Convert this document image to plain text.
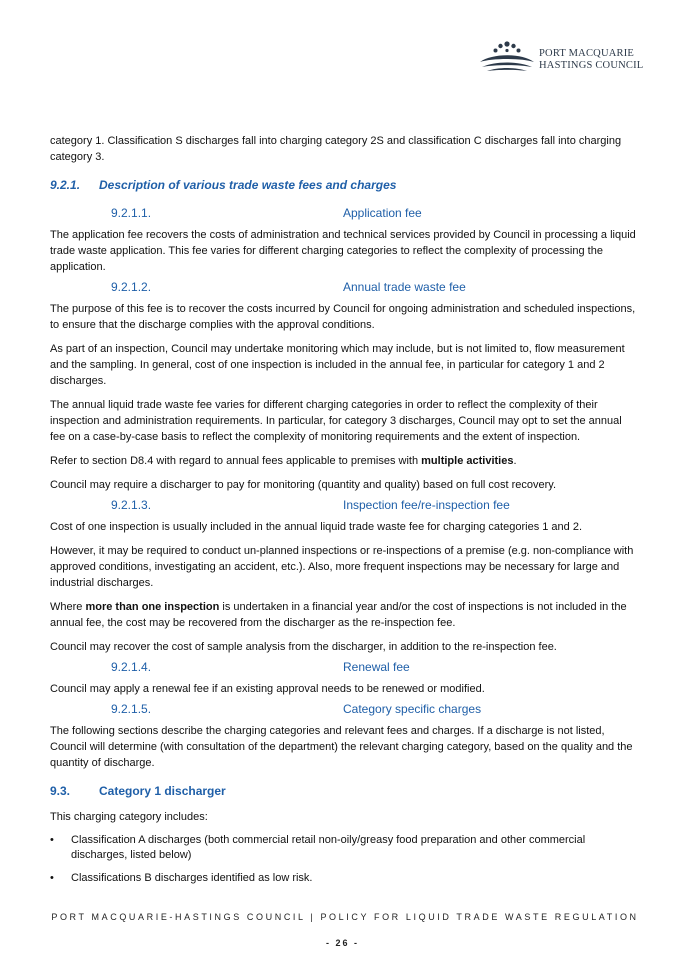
PORT MACQUARIE
HASTINGS COUNCIL

category 1. Classification S discharges fall into charging category 2S and classification C discharges fall into charging category 3.

9.2.1. Description of various trade waste fees and charges
9.2.1.1.	Application fee

The application fee recovers the costs of administration and technical services provided by Council in processing a liquid trade waste application. This fee varies for different charging categories to reflect the complexity of processing the application.

9.2.1.2.	Annual trade waste fee

The purpose of this fee is to recover the costs incurred by Council for ongoing administration and scheduled inspections, to ensure that the discharge complies with the approval conditions.

As part of an inspection, Council may undertake monitoring which may include, but is not limited to, flow measurement and the sampling. In general, cost of one inspection is included in the annual fee, in particular for category 1 and 2 discharges.

The annual liquid trade waste fee varies for different charging categories in order to reflect the complexity of their inspection and administration requirements. In particular, for category 3 discharges, Council may opt to set the annual fee on a case-by-case basis to reflect the complexity of monitoring requirements and the extent of inspection.

Refer to section D8.4 with regard to annual fees applicable to premises with multiple activities.

Council may require a discharger to pay for monitoring (quantity and quality) based on full cost recovery.

9.2.1.3.	Inspection fee/re-inspection fee

Cost of one inspection is usually included in the annual liquid trade waste fee for charging categories 1 and 2.

However, it may be required to conduct un-planned inspections or re-inspections of a premise (e.g. non-compliance with approved conditions, investigating an accident, etc.). Also, more frequent inspections may be necessary for large and industrial discharges.

Where more than one inspection is undertaken in a financial year and/or the cost of inspections is not included in the annual fee, the cost may be recovered from the discharger as the re-inspection fee.

Council may recover the cost of sample analysis from the discharger, in addition to the re-inspection fee.

9.2.1.4.	Renewal fee

Council may apply a renewal fee if an existing approval needs to be renewed or modified.

9.2.1.5.	Category specific charges

The following sections describe the charging categories and relevant fees and charges. If a discharge is not listed, Council will determine (with consultation of the department) the relevant charging category, based on the quality and the quantity of discharge.

9.3. Category 1 discharger

This charging category includes:

• Classification A discharges (both commercial retail non-oily/greasy food preparation and other commercial discharges, listed below)
• Classifications B discharges identified as low risk.
PORT MACQUARIE-HASTINGS COUNCIL | POLICY FOR LIQUID TRADE WASTE REGULATION
- 26 -
